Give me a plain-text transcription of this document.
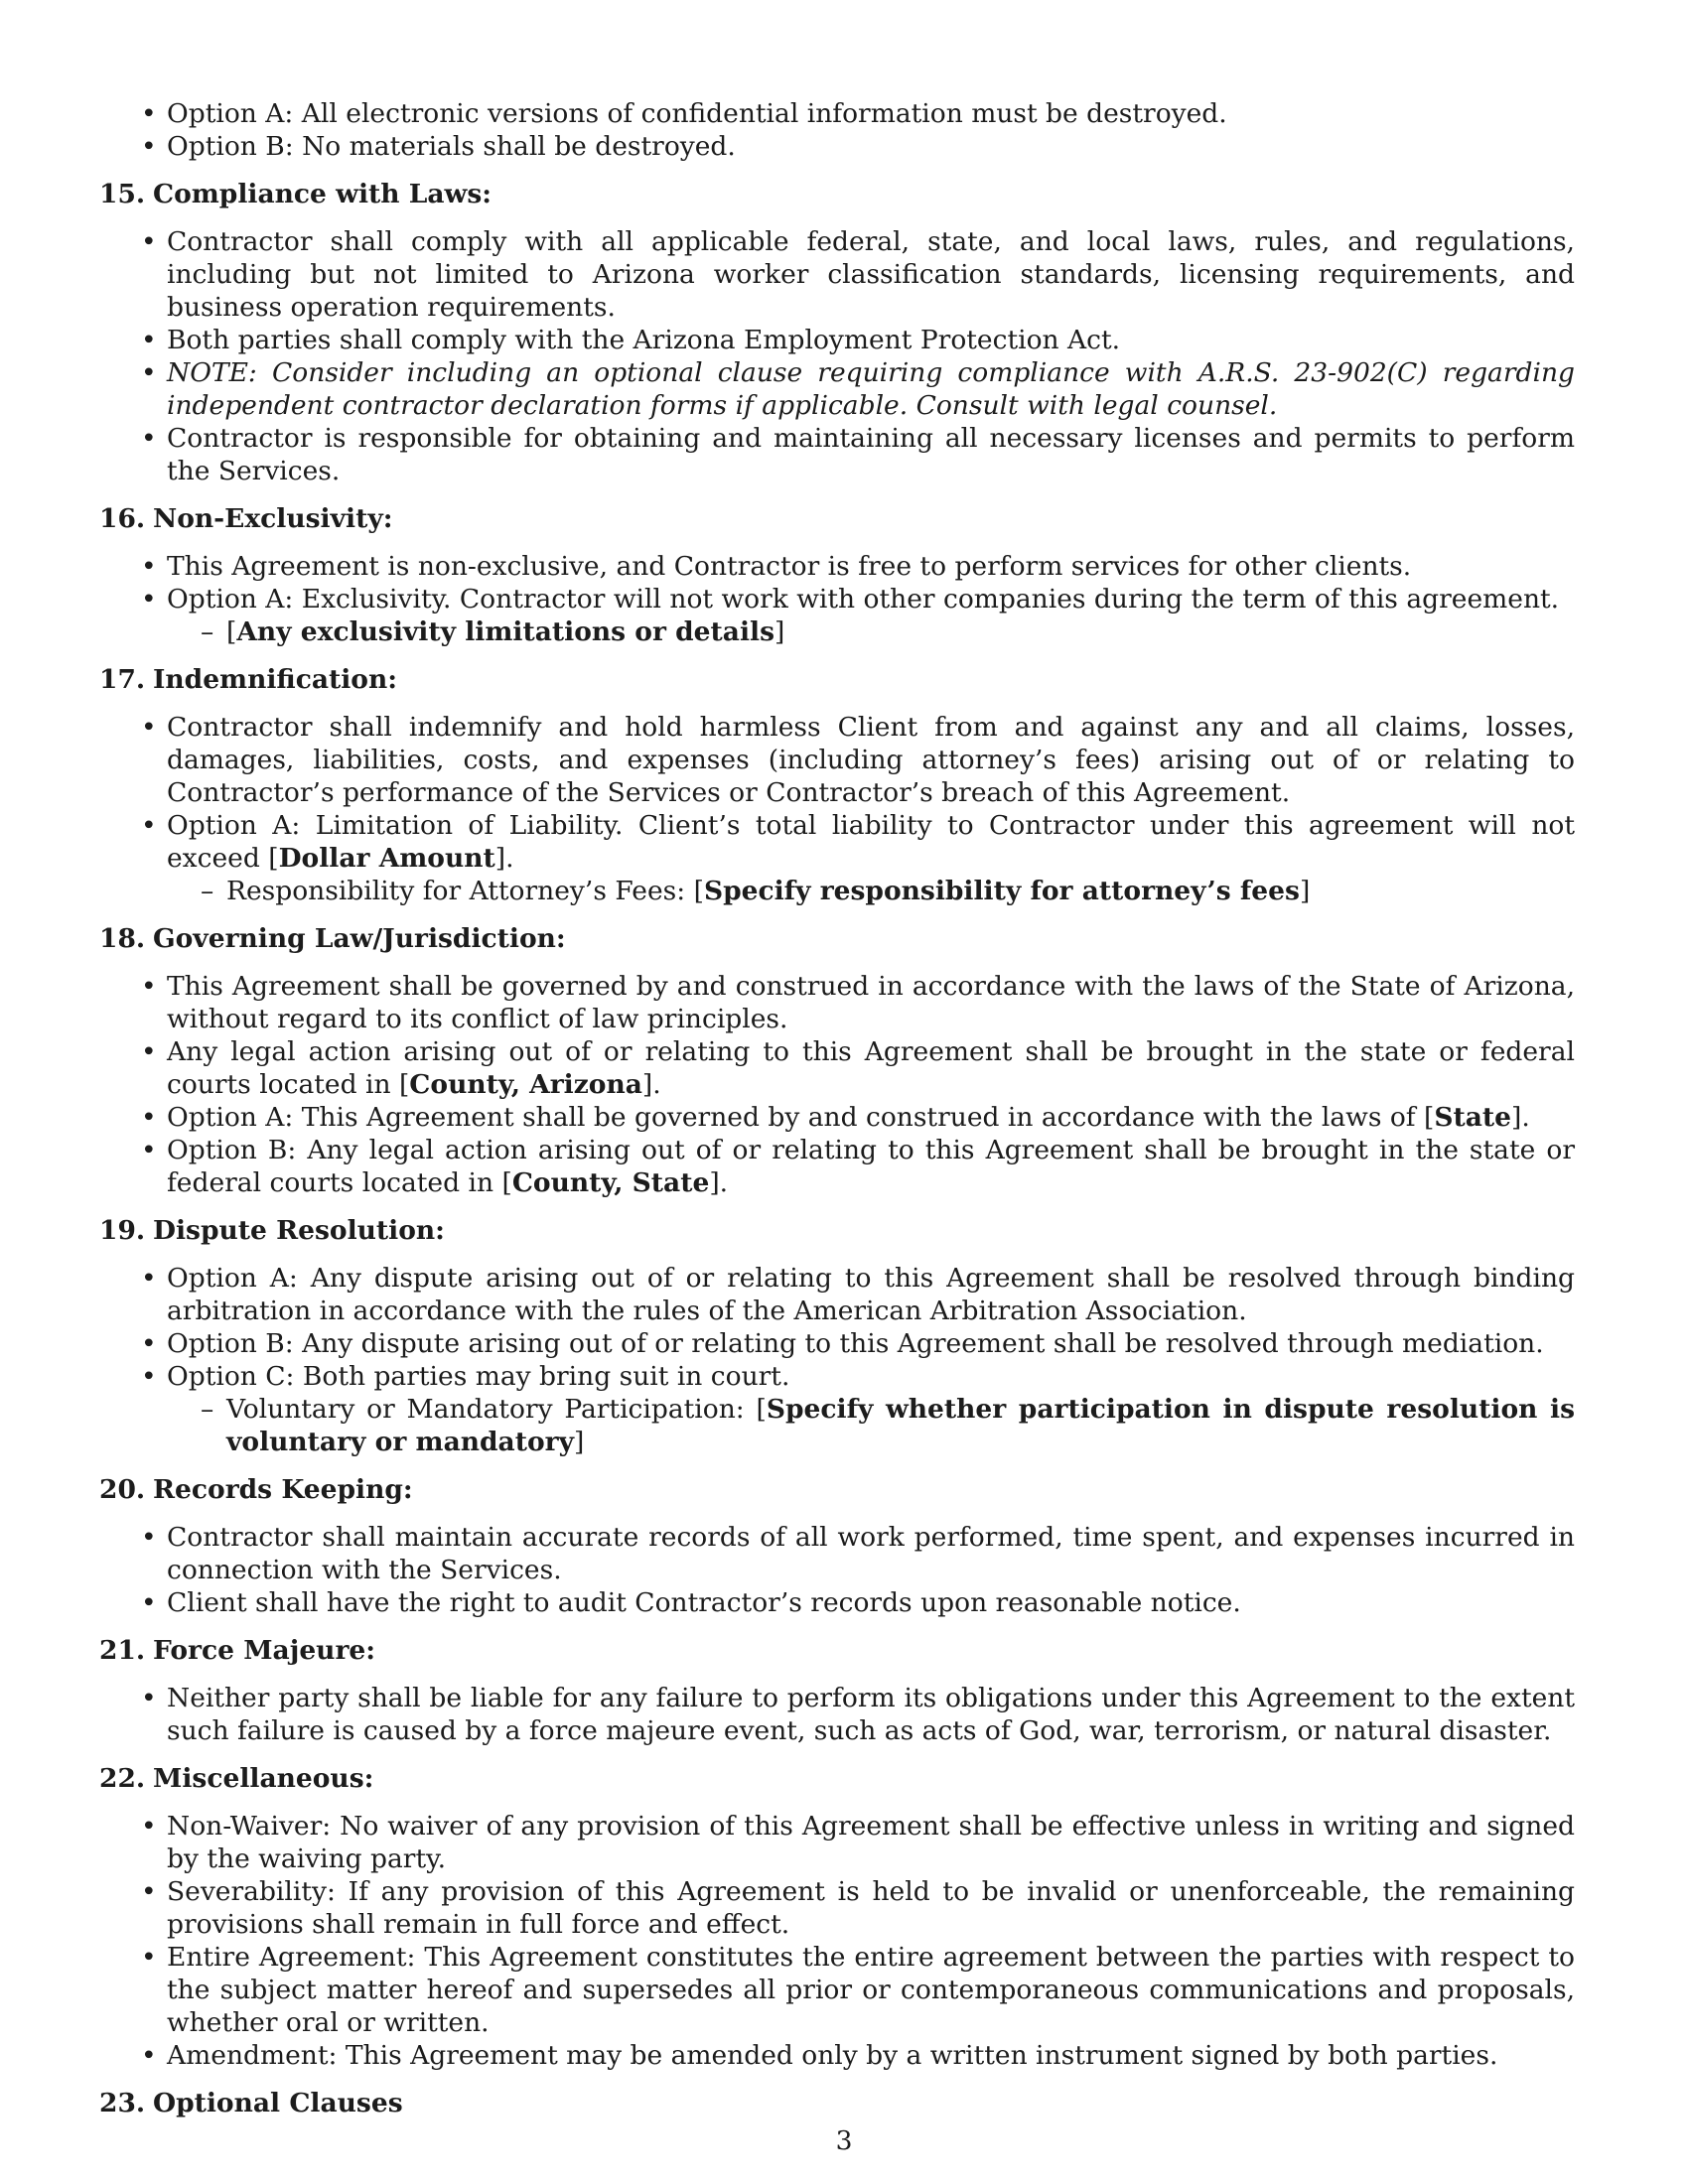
• Option A: All electronic versions of confidential information must be destroyed.
• Option B: No materials shall be destroyed.
15. Compliance with Laws:
• Contractor shall comply with all applicable federal, state, and local laws, rules, and regulations, including but not limited to Arizona worker classification standards, licensing requirements, and business operation requirements.
• Both parties shall comply with the Arizona Employment Protection Act.
• NOTE: Consider including an optional clause requiring compliance with A.R.S. 23-902(C) regarding independent contractor declaration forms if applicable. Consult with legal counsel.
• Contractor is responsible for obtaining and maintaining all necessary licenses and permits to perform the Services.
16. Non-Exclusivity:
• This Agreement is non-exclusive, and Contractor is free to perform services for other clients.
• Option A: Exclusivity. Contractor will not work with other companies during the term of this agreement.
– [Any exclusivity limitations or details]
17. Indemnification:
• Contractor shall indemnify and hold harmless Client from and against any and all claims, losses, damages, liabilities, costs, and expenses (including attorney’s fees) arising out of or relating to Contractor’s performance of the Services or Contractor’s breach of this Agreement.
• Option A: Limitation of Liability. Client’s total liability to Contractor under this agreement will not exceed [Dollar Amount].
– Responsibility for Attorney’s Fees: [Specify responsibility for attorney’s fees]
18. Governing Law/Jurisdiction:
• This Agreement shall be governed by and construed in accordance with the laws of the State of Arizona, without regard to its conflict of law principles.
• Any legal action arising out of or relating to this Agreement shall be brought in the state or federal courts located in [County, Arizona].
• Option A: This Agreement shall be governed by and construed in accordance with the laws of [State].
• Option B: Any legal action arising out of or relating to this Agreement shall be brought in the state or federal courts located in [County, State].
19. Dispute Resolution:
• Option A: Any dispute arising out of or relating to this Agreement shall be resolved through binding arbitration in accordance with the rules of the American Arbitration Association.
• Option B: Any dispute arising out of or relating to this Agreement shall be resolved through mediation.
• Option C: Both parties may bring suit in court.
– Voluntary or Mandatory Participation: [Specify whether participation in dispute resolution is voluntary or mandatory]
20. Records Keeping:
• Contractor shall maintain accurate records of all work performed, time spent, and expenses incurred in connection with the Services.
• Client shall have the right to audit Contractor’s records upon reasonable notice.
21. Force Majeure:
• Neither party shall be liable for any failure to perform its obligations under this Agreement to the extent such failure is caused by a force majeure event, such as acts of God, war, terrorism, or natural disaster.
22. Miscellaneous:
• Non-Waiver: No waiver of any provision of this Agreement shall be effective unless in writing and signed by the waiving party.
• Severability: If any provision of this Agreement is held to be invalid or unenforceable, the remaining provisions shall remain in full force and effect.
• Entire Agreement: This Agreement constitutes the entire agreement between the parties with respect to the subject matter hereof and supersedes all prior or contemporaneous communications and proposals, whether oral or written.
• Amendment: This Agreement may be amended only by a written instrument signed by both parties.
23. Optional Clauses
3
